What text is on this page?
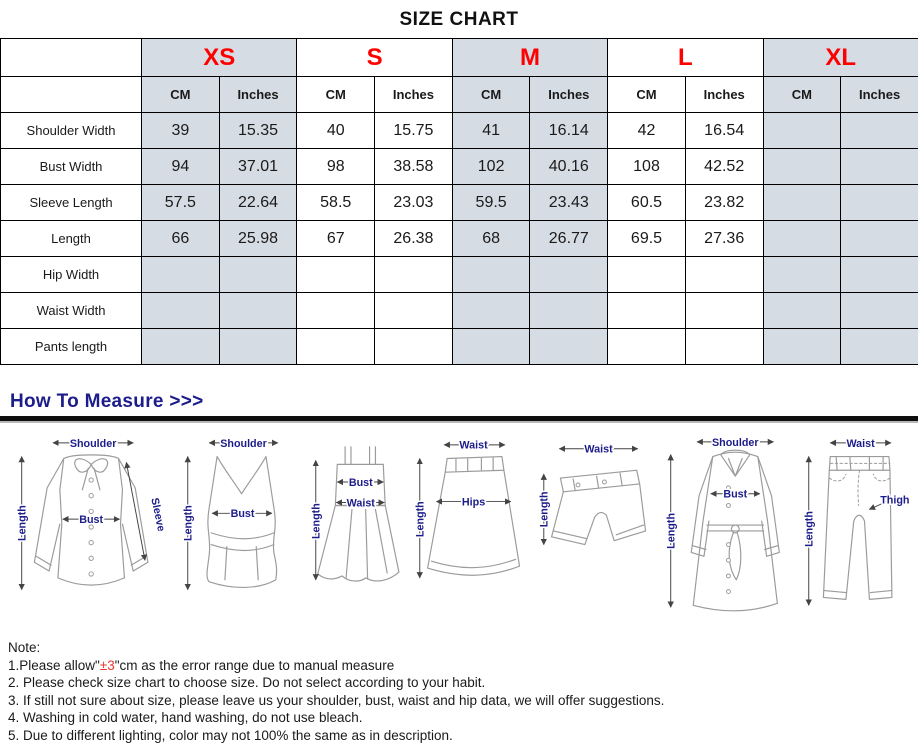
SIZE CHART
	XS		S		M		L		XL	
	CM	Inches	CM	Inches	CM	Inches	CM	Inches	CM	Inches
Shoulder Width	39	15.35	40	15.75	41	16.14	42	16.54		
Bust Width	94	37.01	98	38.58	102	40.16	108	42.52		
Sleeve Length	57.5	22.64	58.5	23.03	59.5	23.43	60.5	23.82		
Length	66	25.98	67	26.38	68	26.77	69.5	27.36		
Hip Width										
Waist Width										
Pants length										
How To Measure >>>
Shoulder
Bust
Length	Sleeve
Shoulder
Bust
Length
Bust
Waist
Length
Waist
Hips
Length
Waist
Length
Shoulder
Bust
Length
Waist
Thigh
Length
Note:
1.Please allow"±3"cm as the error range due to manual measure
2. Please check size chart to choose size. Do not select according to your habit.
3. If still not sure about size, please leave us your shoulder, bust, waist and hip data, we will offer suggestions.
4. Washing in cold water, hand washing, do not use bleach.
5. Due to different lighting, color may not 100% the same as in description.
